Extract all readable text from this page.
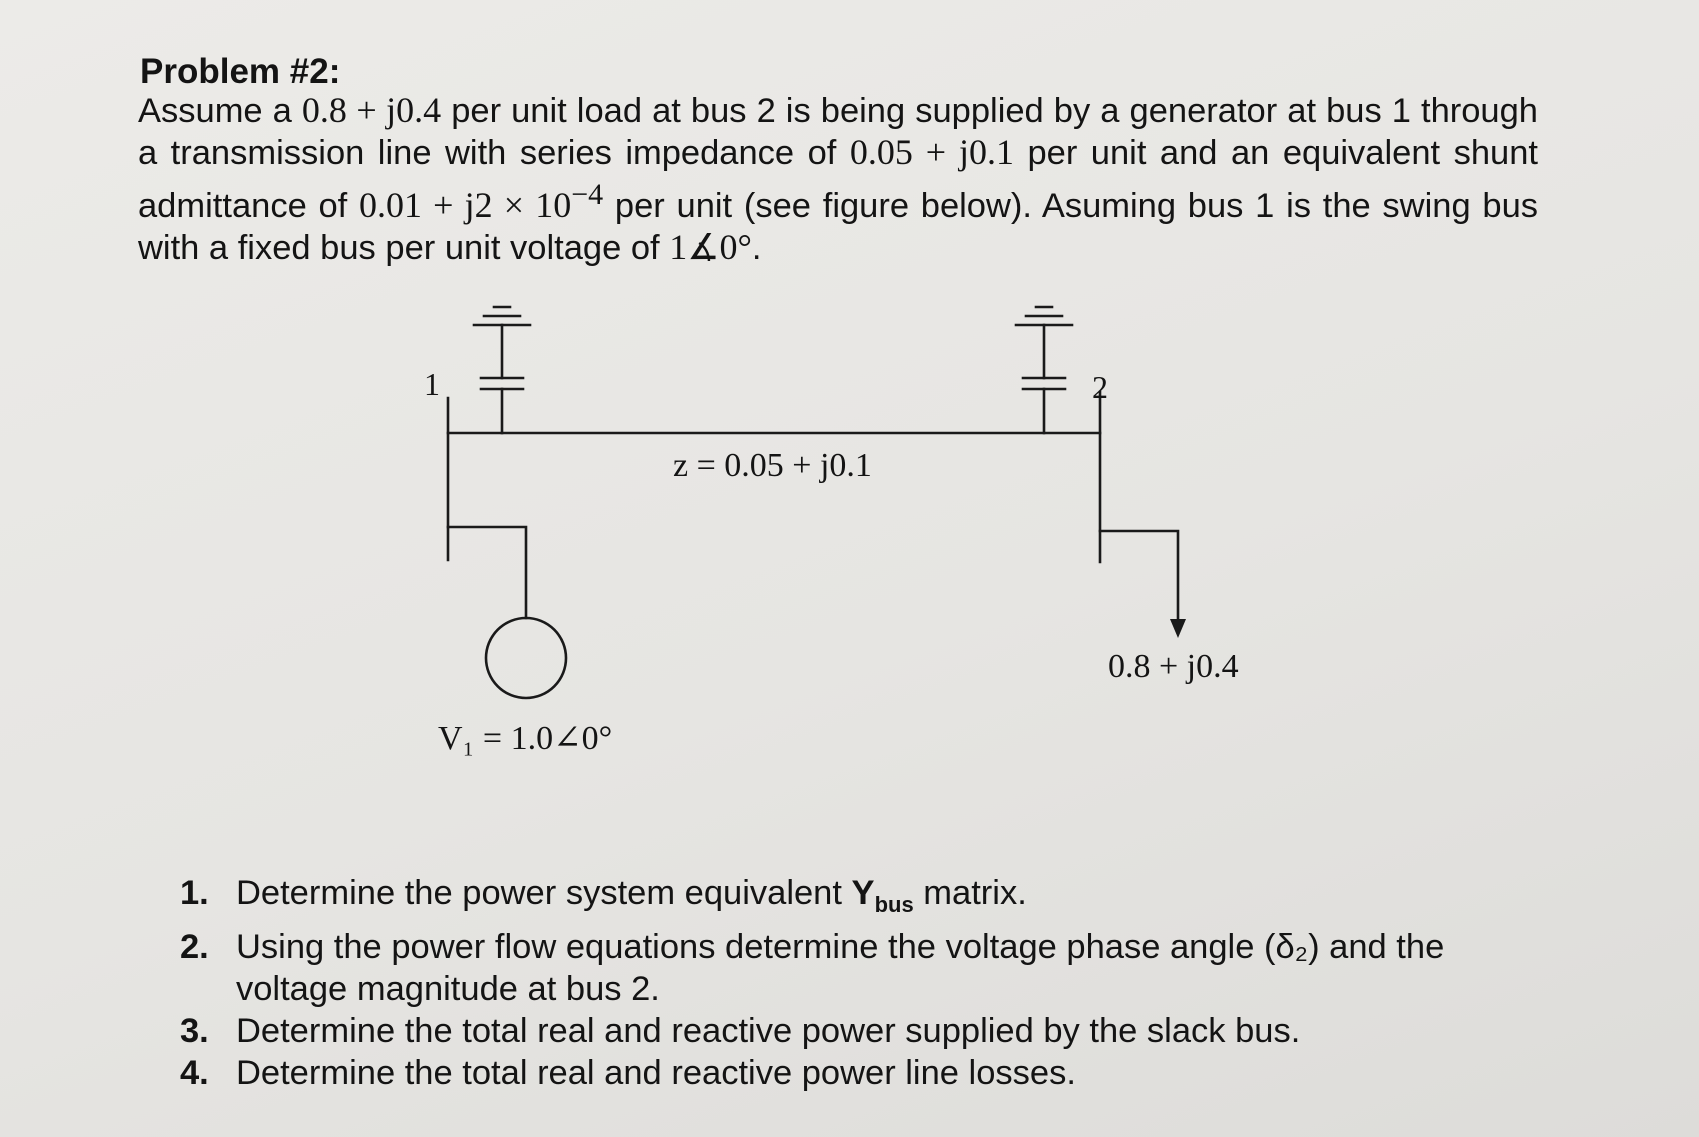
Problem #2:
Assume a 0.8 + j0.4 per unit load at bus 2 is being supplied by a generator at bus 1 through a transmission line with series impedance of 0.05 + j0.1 per unit and an equivalent shunt admittance of $0.01 + j2 \times 10^{-4}$ per unit (see figure below). Asuming bus 1 is the swing bus with a fixed bus per unit voltage of 1∡0°.
1	2
z = 0.05 + j0.1
0.8 + j0.4
V₁ = 1.0∠0°
1. Determine the power system equivalent $Y_{bus}$ matrix.
2. Using the power flow equations determine the voltage phase angle (δ₂) and the voltage magnitude at bus 2.
3. Determine the total real and reactive power supplied by the slack bus.
4. Determine the total real and reactive power line losses.
